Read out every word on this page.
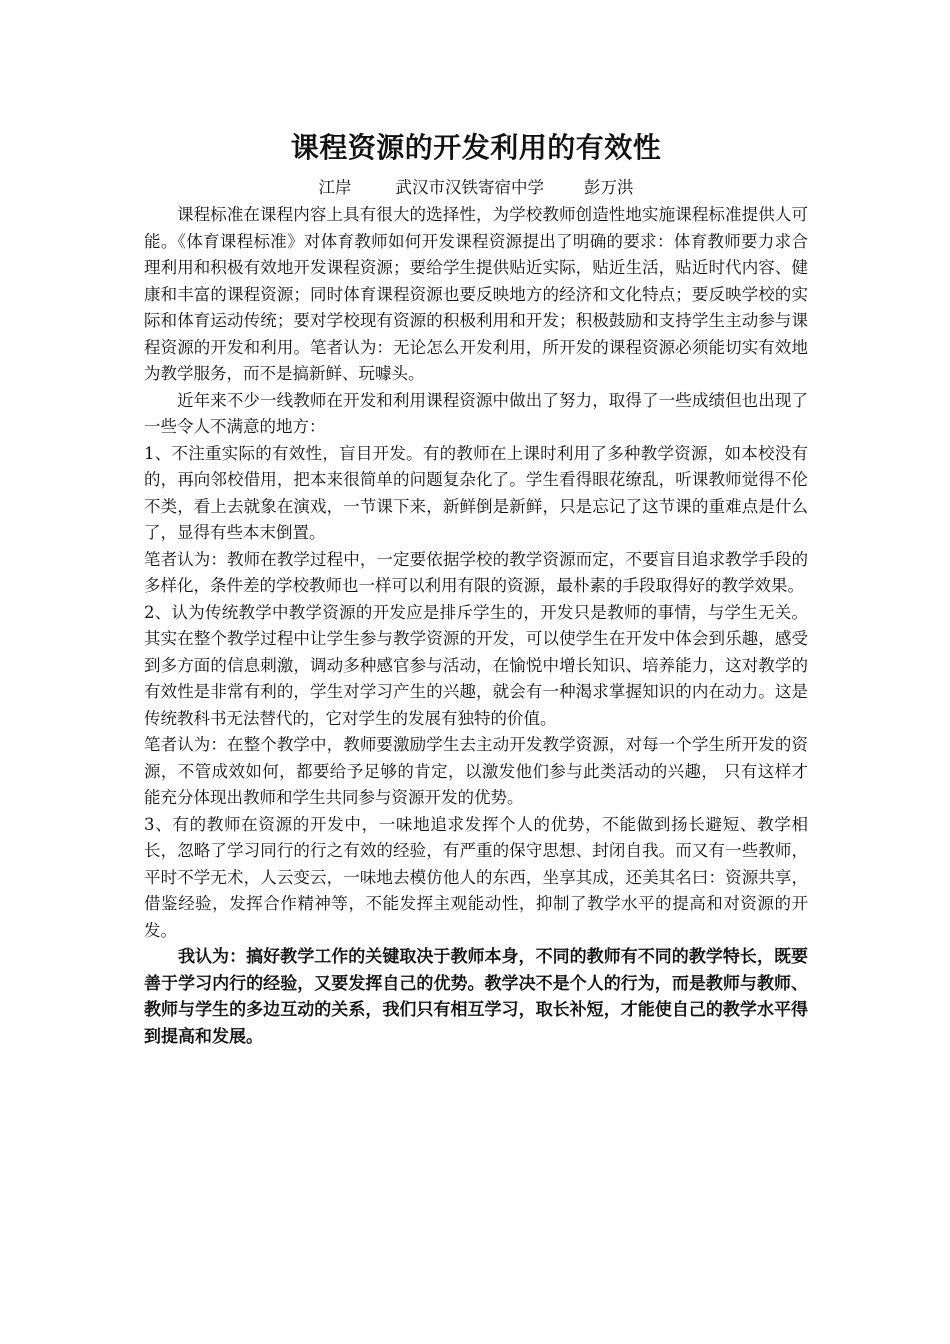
课程资源的开发利用的有效性
江岸	武汉市汉铁寄宿中学 彭万洪

课程标准在课程内容上具有很大的选择性，为学校教师创造性地实施课程标准提供人可能。《体育课程标准》对体育教师如何开发课程资源提出了明确的要求：体育教师要力求合理利用和积极有效地开发课程资源；要给学生提供贴近实际，贴近生活，贴近时代内容、健康和丰富的课程资源；同时体育课程资源也要反映地方的经济和文化特点；要反映学校的实际和体育运动传统；要对学校现有资源的积极利用和开发；积极鼓励和支持学生主动参与课程资源的开发和利用。笔者认为：无论怎么开发利用，所开发的课程资源必须能切实有效地为教学服务，而不是搞新鲜、玩噱头。

近年来不少一线教师在开发和利用课程资源中做出了努力，取得了一些成绩但也出现了一些令人不满意的地方：

1、不注重实际的有效性，盲目开发。有的教师在上课时利用了多种教学资源，如本校没有的，再向邻校借用，把本来很简单的问题复杂化了。学生看得眼花缭乱，听课教师觉得不伦不类，看上去就象在演戏，一节课下来，新鲜倒是新鲜，只是忘记了这节课的重难点是什么了，显得有些本末倒置。

笔者认为：教师在教学过程中，一定要依据学校的教学资源而定，不要盲目追求教学手段的多样化，条件差的学校教师也一样可以利用有限的资源，最朴素的手段取得好的教学效果。

2、认为传统教学中教学资源的开发应是排斥学生的，开发只是教师的事情，与学生无关。其实在整个教学过程中让学生参与教学资源的开发，可以使学生在开发中体会到乐趣，感受到多方面的信息刺激，调动多种感官参与活动，在愉悦中增长知识、培养能力，这对教学的有效性是非常有利的，学生对学习产生的兴趣，就会有一种渴求掌握知识的内在动力。这是传统教科书无法替代的，它对学生的发展有独特的价值。

笔者认为：在整个教学中，教师要激励学生去主动开发教学资源，对每一个学生所开发的资源，不管成效如何，都要给予足够的肯定，以激发他们参与此类活动的兴趣， 只有这样才能充分体现出教师和学生共同参与资源开发的优势。

3、有的教师在资源的开发中，一味地追求发挥个人的优势，不能做到扬长避短、教学相长，忽略了学习同行的行之有效的经验，有严重的保守思想、封闭自我。而又有一些教师，平时不学无术，人云变云，一味地去模仿他人的东西，坐享其成，还美其名曰：资源共享，借鉴经验，发挥合作精神等，不能发挥主观能动性，抑制了教学水平的提高和对资源的开发。

我认为：搞好教学工作的关键取决于教师本身，不同的教师有不同的教学特长，既要善于学习内行的经验，又要发挥自己的优势。教学决不是个人的行为，而是教师与教师、教师与学生的多边互动的关系，我们只有相互学习，取长补短，才能使自己的教学水平得到提高和发展。
